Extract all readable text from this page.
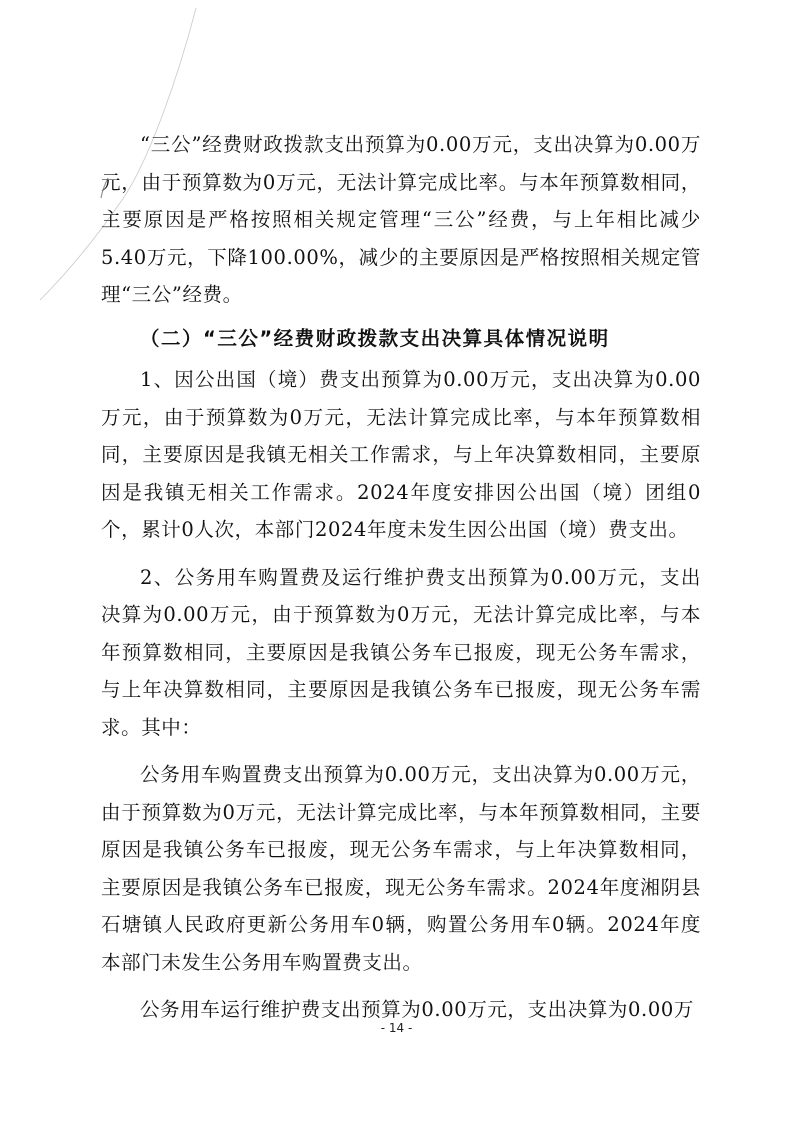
“三公”经费财政拨款支出预算为0.00万元，支出决算为0.00万元，由于预算数为0万元，无法计算完成比率。与本年预算数相同，主要原因是严格按照相关规定管理“三公”经费，与上年相比减少5.40万元，下降100.00%，减少的主要原因是严格按照相关规定管理“三公”经费。

（二）“三公”经费财政拨款支出决算具体情况说明

1、因公出国（境）费支出预算为0.00万元，支出决算为0.00万元，由于预算数为0万元，无法计算完成比率，与本年预算数相同，主要原因是我镇无相关工作需求，与上年决算数相同，主要原因是我镇无相关工作需求。2024年度安排因公出国（境）团组0个，累计0人次，本部门2024年度未发生因公出国（境）费支出。

2、公务用车购置费及运行维护费支出预算为0.00万元，支出决算为0.00万元，由于预算数为0万元，无法计算完成比率，与本年预算数相同，主要原因是我镇公务车已报废，现无公务车需求，与上年决算数相同，主要原因是我镇公务车已报废，现无公务车需求。其中：

公务用车购置费支出预算为0.00万元，支出决算为0.00万元，由于预算数为0万元，无法计算完成比率，与本年预算数相同，主要原因是我镇公务车已报废，现无公务车需求，与上年决算数相同，主要原因是我镇公务车已报废，现无公务车需求。2024年度湘阴县石塘镇人民政府更新公务用车0辆，购置公务用车0辆。2024年度本部门未发生公务用车购置费支出。

公务用车运行维护费支出预算为0.00万元，支出决算为0.00万

- 14 -
